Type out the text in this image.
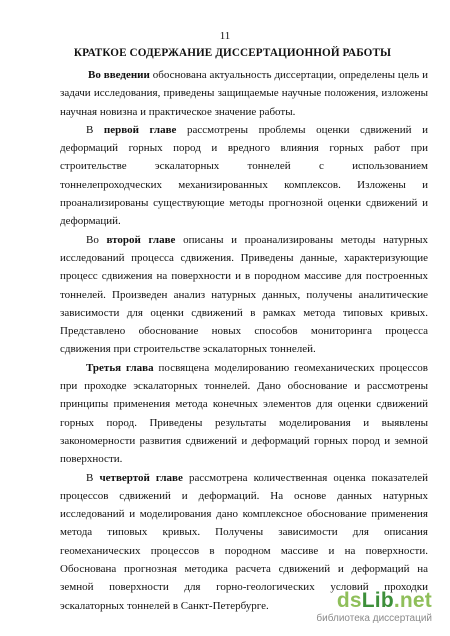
11
КРАТКОЕ СОДЕРЖАНИЕ ДИССЕРТАЦИОННОЙ РАБОТЫ

Во введении обоснована актуальность диссертации, определены цель и задачи исследования, приведены защищаемые научные положения, изложены научная новизна и практическое значение работы.

В первой главе рассмотрены проблемы оценки сдвижений и деформаций горных пород и вредного влияния горных работ при строительстве эскалаторных тоннелей с использованием тоннелепроходческих механизированных комплексов. Изложены и проанализированы существующие методы прогнозной оценки сдвижений и деформаций.

Во второй главе описаны и проанализированы методы натурных исследований процесса сдвижения. Приведены данные, характеризующие процесс сдвижения на поверхности и в породном массиве для построенных тоннелей. Произведен анализ натурных данных, получены аналитические зависимости для оценки сдвижений в рамках метода типовых кривых. Представлено обоснование новых способов мониторинга процесса сдвижения при строительстве эскалаторных тоннелей.

Третья глава посвящена моделированию геомеханических процессов при проходке эскалаторных тоннелей. Дано обоснование и рассмотрены принципы применения метода конечных элементов для оценки сдвижений горных пород. Приведены результаты моделирования и выявлены закономерности развития сдвижений и деформаций горных пород и земной поверхности.

В четвертой главе рассмотрена количественная оценка показателей процессов сдвижений и деформаций. На основе данных натурных исследований и моделирования дано комплексное обоснование применения метода типовых кривых. Получены зависимости для описания геомеханических процессов в породном массиве и на поверхности. Обоснована прогнозная методика расчета сдвижений и деформаций на земной поверхности для горно-геологических условий проходки эскалаторных тоннелей в Санкт-Петербурге.	dsLib.net
библиотека диссертаций
